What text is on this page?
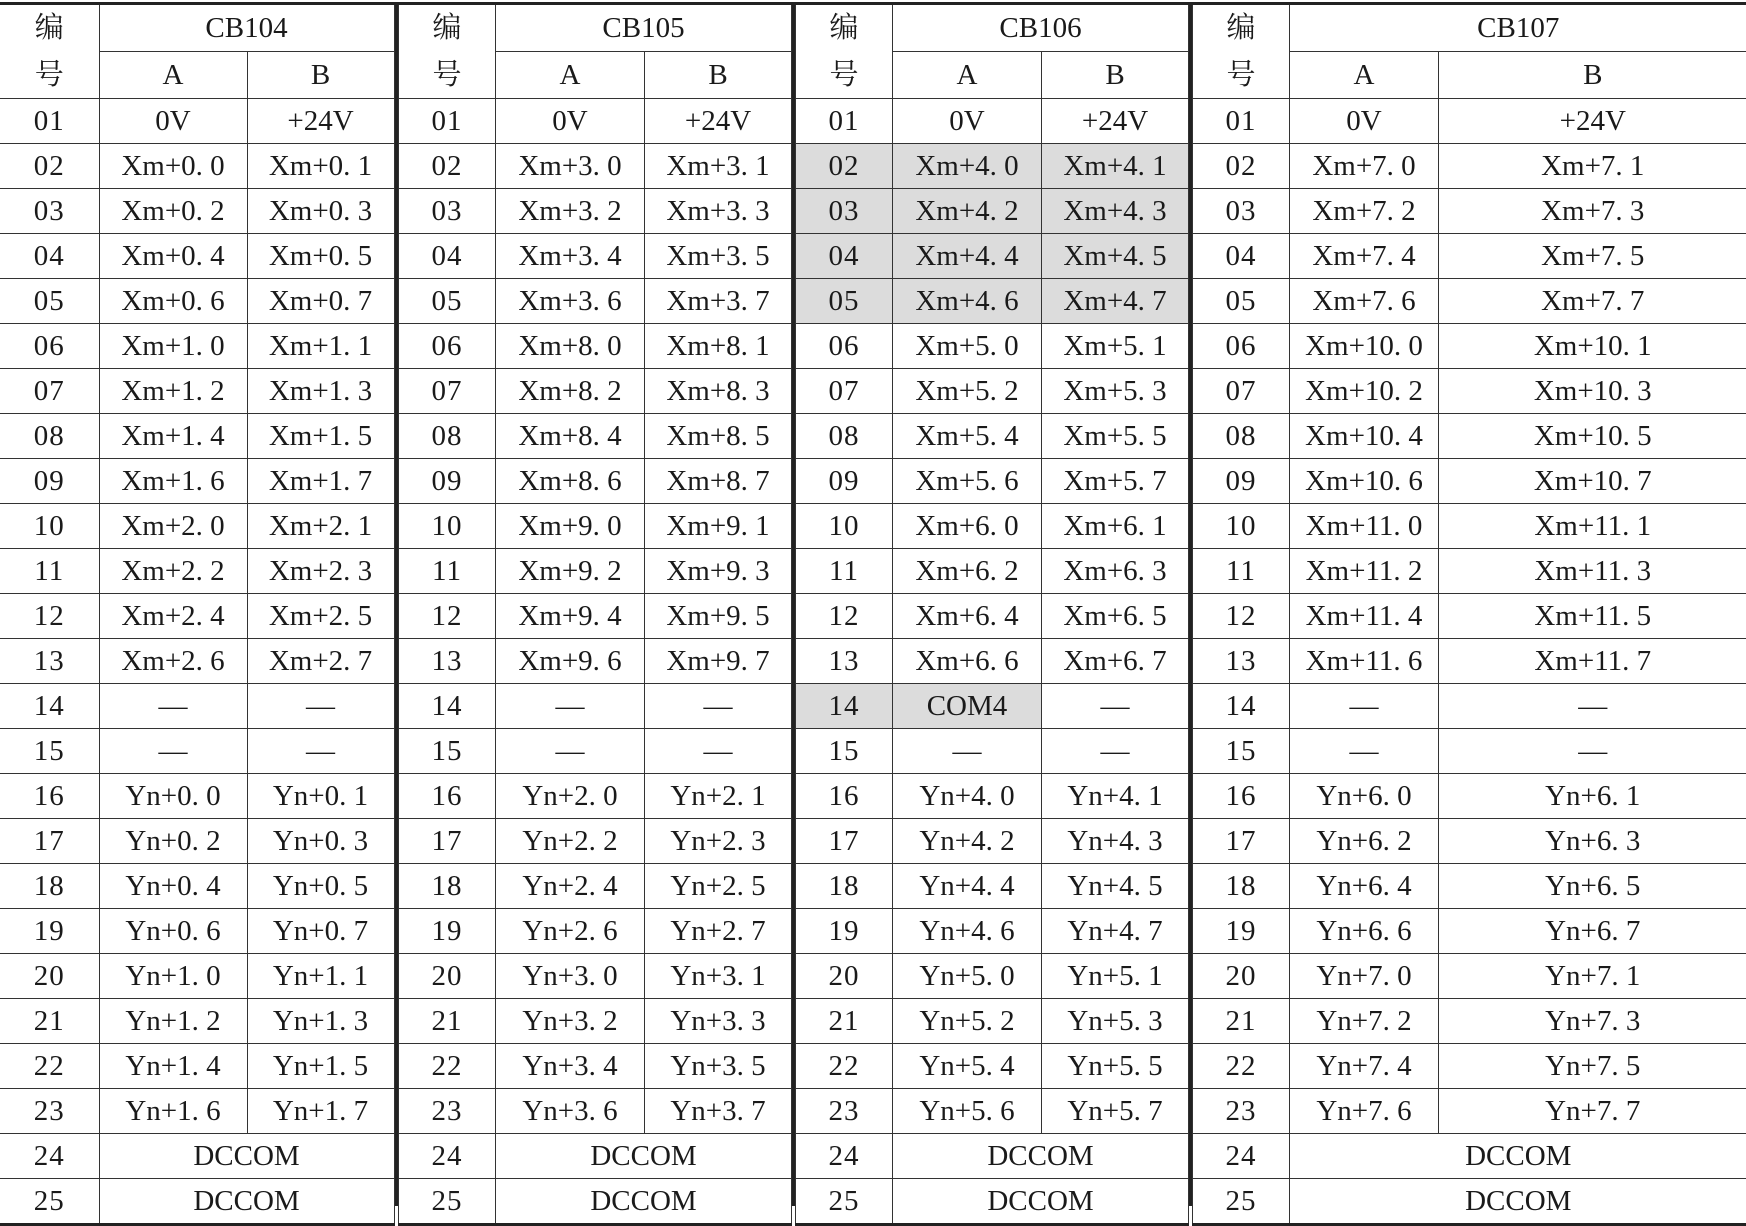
编	CB104	
号	A	B
01	0V	+24V
02	Xm+0. 0	Xm+0. 1
03	Xm+0. 2	Xm+0. 3
04	Xm+0. 4	Xm+0. 5
05	Xm+0. 6	Xm+0. 7
06	Xm+1. 0	Xm+1. 1
07	Xm+1. 2	Xm+1. 3
08	Xm+1. 4	Xm+1. 5
09	Xm+1. 6	Xm+1. 7
10	Xm+2. 0	Xm+2. 1
11	Xm+2. 2	Xm+2. 3
12	Xm+2. 4	Xm+2. 5
13	Xm+2. 6	Xm+2. 7
14	—	—
15	—	—
16	Yn+0. 0	Yn+0. 1
17	Yn+0. 2	Yn+0. 3
18	Yn+0. 4	Yn+0. 5
19	Yn+0. 6	Yn+0. 7
20	Yn+1. 0	Yn+1. 1
21	Yn+1. 2	Yn+1. 3
22	Yn+1. 4	Yn+1. 5
23	Yn+1. 6	Yn+1. 7
24	DCCOM	
25	DCCOM	
编	CB105	
号	A	B
01	0V	+24V
02	Xm+3. 0	Xm+3. 1
03	Xm+3. 2	Xm+3. 3
04	Xm+3. 4	Xm+3. 5
05	Xm+3. 6	Xm+3. 7
06	Xm+8. 0	Xm+8. 1
07	Xm+8. 2	Xm+8. 3
08	Xm+8. 4	Xm+8. 5
09	Xm+8. 6	Xm+8. 7
10	Xm+9. 0	Xm+9. 1
11	Xm+9. 2	Xm+9. 3
12	Xm+9. 4	Xm+9. 5
13	Xm+9. 6	Xm+9. 7
14	—	—
15	—	—
16	Yn+2. 0	Yn+2. 1
17	Yn+2. 2	Yn+2. 3
18	Yn+2. 4	Yn+2. 5
19	Yn+2. 6	Yn+2. 7
20	Yn+3. 0	Yn+3. 1
21	Yn+3. 2	Yn+3. 3
22	Yn+3. 4	Yn+3. 5
23	Yn+3. 6	Yn+3. 7
24	DCCOM	
25	DCCOM	
编	CB106	
号	A	B
01	0V	+24V
02	Xm+4. 0	Xm+4. 1
03	Xm+4. 2	Xm+4. 3
04	Xm+4. 4	Xm+4. 5
05	Xm+4. 6	Xm+4. 7
06	Xm+5. 0	Xm+5. 1
07	Xm+5. 2	Xm+5. 3
08	Xm+5. 4	Xm+5. 5
09	Xm+5. 6	Xm+5. 7
10	Xm+6. 0	Xm+6. 1
11	Xm+6. 2	Xm+6. 3
12	Xm+6. 4	Xm+6. 5
13	Xm+6. 6	Xm+6. 7
14	COM4	—
15	—	—
16	Yn+4. 0	Yn+4. 1
17	Yn+4. 2	Yn+4. 3
18	Yn+4. 4	Yn+4. 5
19	Yn+4. 6	Yn+4. 7
20	Yn+5. 0	Yn+5. 1
21	Yn+5. 2	Yn+5. 3
22	Yn+5. 4	Yn+5. 5
23	Yn+5. 6	Yn+5. 7
24	DCCOM	
25	DCCOM	
编	CB107	
号	A	B
01	0V	+24V
02	Xm+7. 0	Xm+7. 1
03	Xm+7. 2	Xm+7. 3
04	Xm+7. 4	Xm+7. 5
05	Xm+7. 6	Xm+7. 7
06	Xm+10. 0	Xm+10. 1
07	Xm+10. 2	Xm+10. 3
08	Xm+10. 4	Xm+10. 5
09	Xm+10. 6	Xm+10. 7
10	Xm+11. 0	Xm+11. 1
11	Xm+11. 2	Xm+11. 3
12	Xm+11. 4	Xm+11. 5
13	Xm+11. 6	Xm+11. 7
14	—	—
15	—	—
16	Yn+6. 0	Yn+6. 1
17	Yn+6. 2	Yn+6. 3
18	Yn+6. 4	Yn+6. 5
19	Yn+6. 6	Yn+6. 7
20	Yn+7. 0	Yn+7. 1
21	Yn+7. 2	Yn+7. 3
22	Yn+7. 4	Yn+7. 5
23	Yn+7. 6	Yn+7. 7
24	DCCOM	
25	DCCOM	
